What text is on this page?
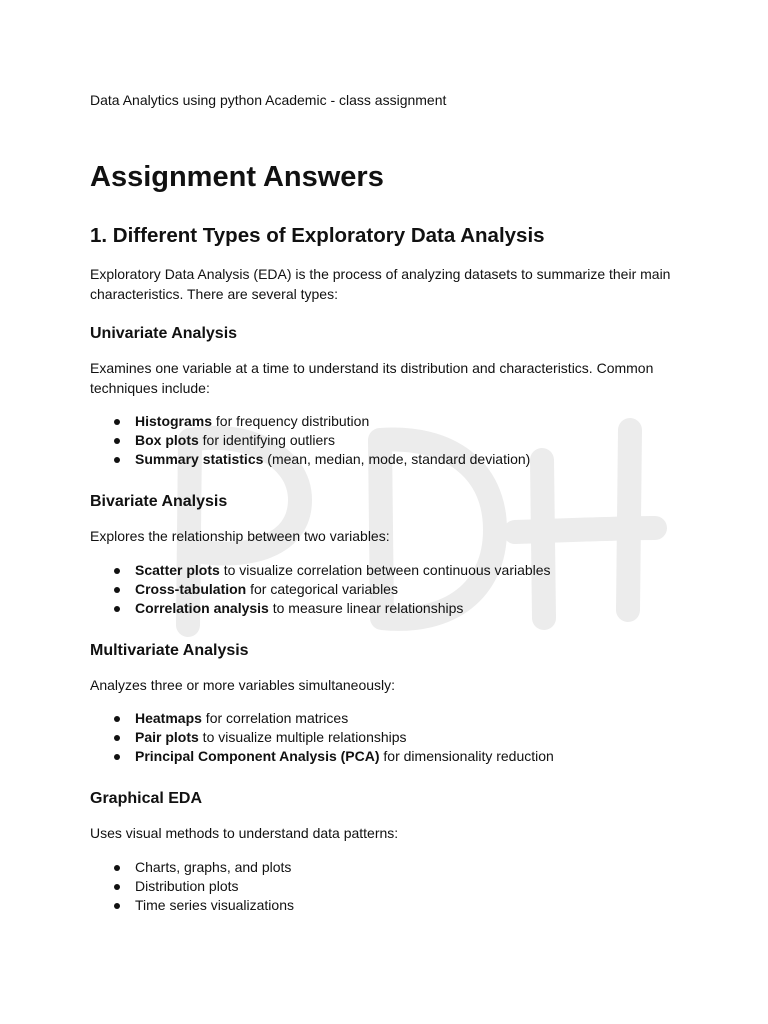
PDH

Data Analytics using python Academic - class assignment

Assignment Answers
1. Different Types of Exploratory Data Analysis

Exploratory Data Analysis (EDA) is the process of analyzing datasets to summarize their main characteristics. There are several types:

Univariate Analysis

Examines one variable at a time to understand its distribution and characteristics. Common techniques include:

Histograms for frequency distribution
Box plots for identifying outliers
Summary statistics (mean, median, mode, standard deviation)
Bivariate Analysis

Explores the relationship between two variables:

Scatter plots to visualize correlation between continuous variables
Cross-tabulation for categorical variables
Correlation analysis to measure linear relationships
Multivariate Analysis

Analyzes three or more variables simultaneously:

Heatmaps for correlation matrices
Pair plots to visualize multiple relationships
Principal Component Analysis (PCA) for dimensionality reduction
Graphical EDA

Uses visual methods to understand data patterns:

Charts, graphs, and plots
Distribution plots
Time series visualizations
